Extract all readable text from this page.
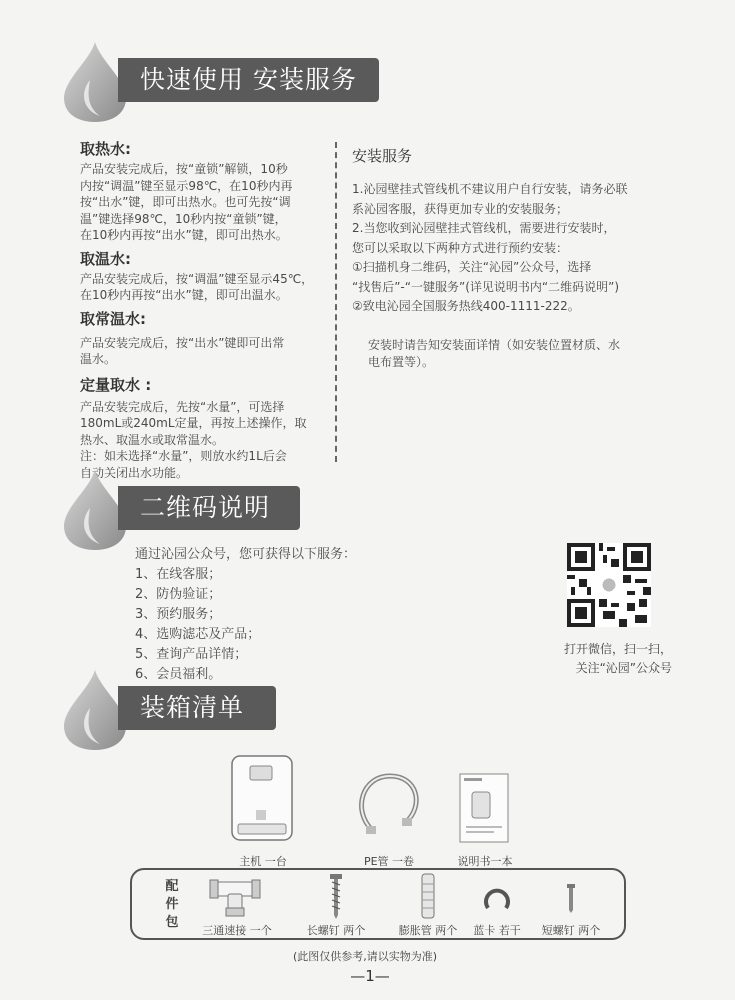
快速使用 安装服务
取热水:
产品安装完成后，按“童锁”解锁，10秒
内按“调温”键至显示98℃，在10秒内再
按“出水”键，即可出热水。也可先按“调
温”键选择98℃，10秒内按“童锁”键，
在10秒内再按“出水”键，即可出热水。
取温水:
产品安装完成后，按“调温”键至显示45℃，
在10秒内再按“出水”键，即可出温水。
取常温水:
产品安装完成后，按“出水”键即可出常
温水。
定量取水 :
产品安装完成后，先按“水量”，可选择
180mL或240mL定量，再按上述操作，取
热水、取温水或取常温水。
注：如未选择“水量”，则放水约1L后会
自动关闭出水功能。
安装服务
1.沁园壁挂式管线机不建议用户自行安装，请务必联
系沁园客服，获得更加专业的安装服务；
2.当您收到沁园壁挂式管线机，需要进行安装时，
您可以采取以下两种方式进行预约安装：
①扫描机身二维码，关注“沁园”公众号，选择
“找售后”-“一键服务”(详见说明书内“二维码说明”)
②致电沁园全国服务热线400-1111-222。
安装时请告知安装面详情（如安装位置材质、水
电布置等）。
二维码说明
通过沁园公众号，您可获得以下服务：
1、在线客服；
2、防伪验证；
3、预约服务；
4、选购滤芯及产品；
5、查询产品详情；
6、会员福利。
打开微信，扫一扫，
关注“沁园”公众号
装箱清单
主机 一台	PE管 一卷	说明书一本
配
件
包
三通速接 一个	长螺钉 两个	膨胀管 两个	蓝卡 若干	短螺钉 两个
(此图仅供参考,请以实物为准)
—1—
